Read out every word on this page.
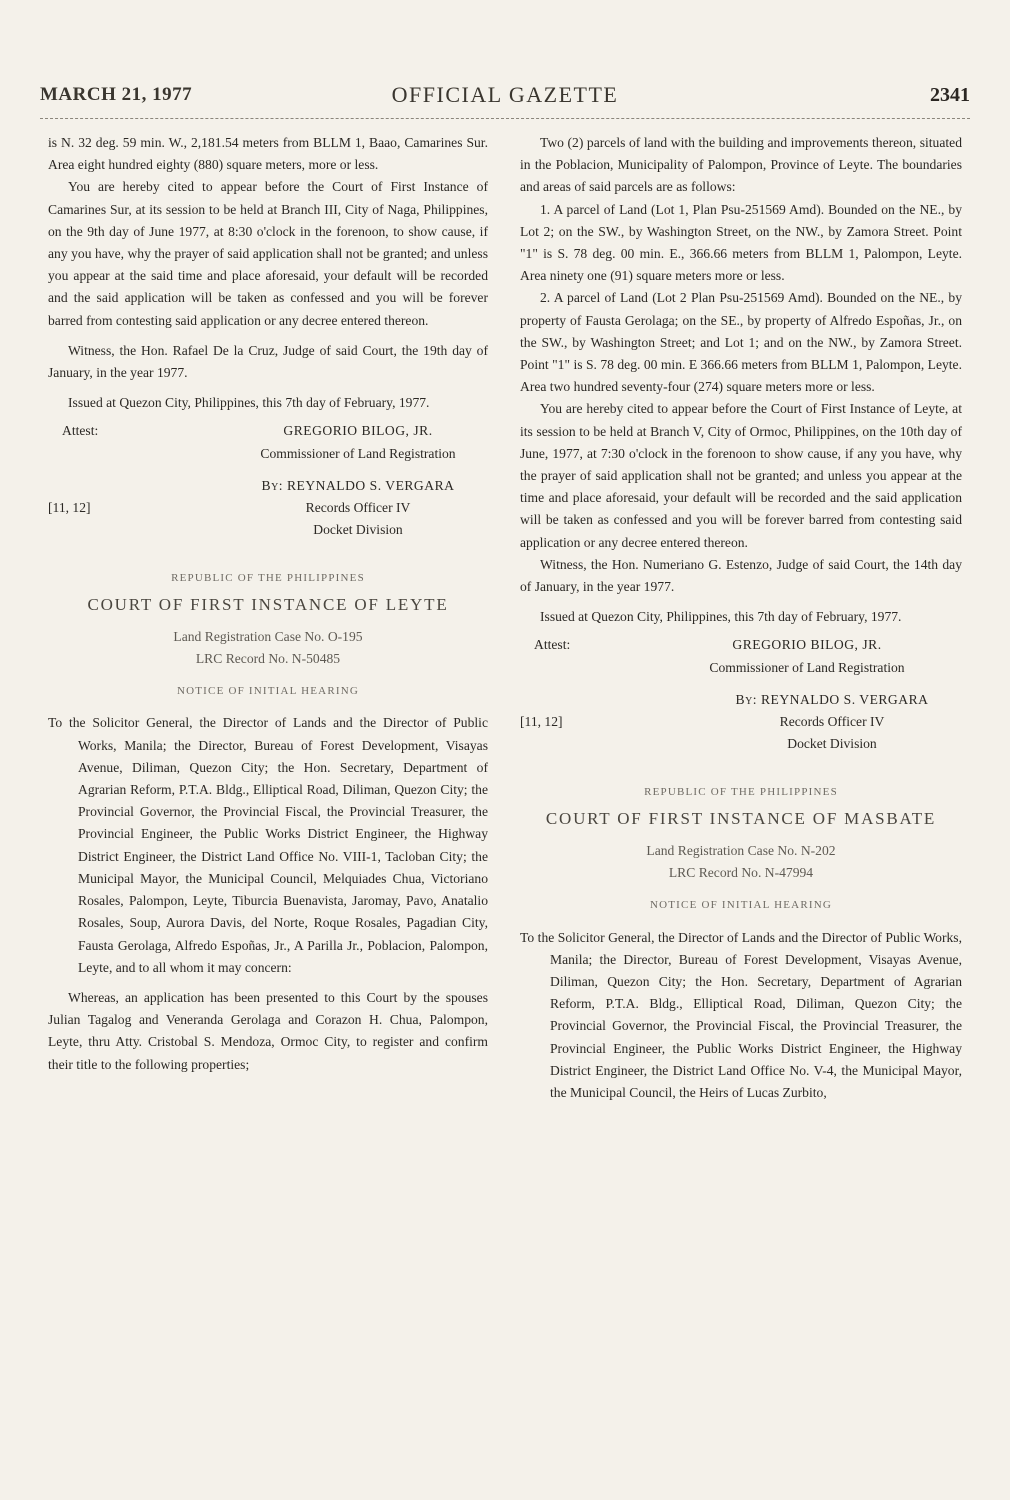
MARCH 21, 1977	OFFICIAL GAZETTE	2341

is N. 32 deg. 59 min. W., 2,181.54 meters from BLLM 1, Baao, Camarines Sur. Area eight hundred eighty (880) square meters, more or less.

You are hereby cited to appear before the Court of First Instance of Camarines Sur, at its session to be held at Branch III, City of Naga, Philippines, on the 9th day of June 1977, at 8:30 o'clock in the forenoon, to show cause, if any you have, why the prayer of said application shall not be granted; and unless you appear at the said time and place aforesaid, your default will be recorded and the said application will be taken as confessed and you will be forever barred from contesting said application or any decree entered thereon.

Witness, the Hon. Rafael De la Cruz, Judge of said Court, the 19th day of January, in the year 1977.

Issued at Quezon City, Philippines, this 7th day of February, 1977.

Attest:	GREGORIO BILOG, JR.
Commissioner of Land Registration
[11, 12]
By: REYNALDO S. VERGARA
Records Officer IV
Docket Division
REPUBLIC OF THE PHILIPPINES
COURT OF FIRST INSTANCE OF LEYTE
Land Registration Case No. O-195
LRC Record No. N-50485
NOTICE OF INITIAL HEARING

To the Solicitor General, the Director of Lands and the Director of Public Works, Manila; the Director, Bureau of Forest Development, Visayas Avenue, Diliman, Quezon City; the Hon. Secretary, Department of Agrarian Reform, P.T.A. Bldg., Elliptical Road, Diliman, Quezon City; the Provincial Governor, the Provincial Fiscal, the Provincial Treasurer, the Provincial Engineer, the Public Works District Engineer, the Highway District Engineer, the District Land Office No. VIII-1, Tacloban City; the Municipal Mayor, the Municipal Council, Melquiades Chua, Victoriano Rosales, Palompon, Leyte, Tiburcia Buenavista, Jaromay, Pavo, Anatalio Rosales, Soup, Aurora Davis, del Norte, Roque Rosales, Pagadian City, Fausta Gerolaga, Alfredo Espoñas, Jr., A Parilla Jr., Poblacion, Palompon, Leyte, and to all whom it may concern:

Whereas, an application has been presented to this Court by the spouses Julian Tagalog and Veneranda Gerolaga and Corazon H. Chua, Palompon, Leyte, thru Atty. Cristobal S. Mendoza, Ormoc City, to register and confirm their title to the following properties;

Two (2) parcels of land with the building and improvements thereon, situated in the Poblacion, Municipality of Palompon, Province of Leyte. The boundaries and areas of said parcels are as follows:

1. A parcel of Land (Lot 1, Plan Psu-251569 Amd). Bounded on the NE., by Lot 2; on the SW., by Washington Street, on the NW., by Zamora Street. Point "1" is S. 78 deg. 00 min. E., 366.66 meters from BLLM 1, Palompon, Leyte. Area ninety one (91) square meters more or less.

2. A parcel of Land (Lot 2 Plan Psu-251569 Amd). Bounded on the NE., by property of Fausta Gerolaga; on the SE., by property of Alfredo Espoñas, Jr., on the SW., by Washington Street; and Lot 1; and on the NW., by Zamora Street. Point "1" is S. 78 deg. 00 min. E 366.66 meters from BLLM 1, Palompon, Leyte. Area two hundred seventy-four (274) square meters more or less.

You are hereby cited to appear before the Court of First Instance of Leyte, at its session to be held at Branch V, City of Ormoc, Philippines, on the 10th day of June, 1977, at 7:30 o'clock in the forenoon to show cause, if any you have, why the prayer of said application shall not be granted; and unless you appear at the time and place aforesaid, your default will be recorded and the said application will be taken as confessed and you will be forever barred from contesting said application or any decree entered thereon.

Witness, the Hon. Numeriano G. Estenzo, Judge of said Court, the 14th day of January, in the year 1977.

Issued at Quezon City, Philippines, this 7th day of February, 1977.

Attest:	GREGORIO BILOG, JR.
Commissioner of Land Registration
[11, 12]
By: REYNALDO S. VERGARA
Records Officer IV
Docket Division
REPUBLIC OF THE PHILIPPINES
COURT OF FIRST INSTANCE OF MASBATE
Land Registration Case No. N-202
LRC Record No. N-47994
NOTICE OF INITIAL HEARING

To the Solicitor General, the Director of Lands and the Director of Public Works, Manila; the Director, Bureau of Forest Development, Visayas Avenue, Diliman, Quezon City; the Hon. Secretary, Department of Agrarian Reform, P.T.A. Bldg., Elliptical Road, Diliman, Quezon City; the Provincial Governor, the Provincial Fiscal, the Provincial Treasurer, the Provincial Engineer, the Public Works District Engineer, the Highway District Engineer, the District Land Office No. V-4, the Municipal Mayor, the Municipal Council, the Heirs of Lucas Zurbito,
